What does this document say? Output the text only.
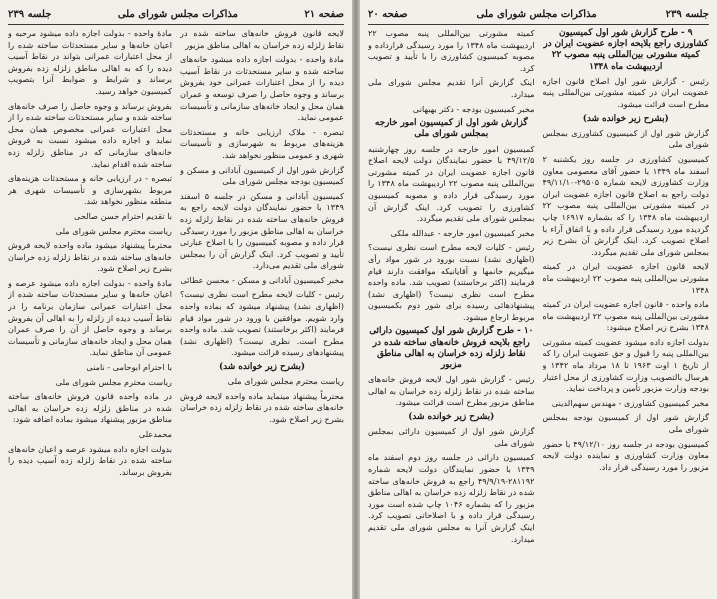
صفحه ۲۱
مذاکرات مجلس شورای ملی
جلسه ۲۳۹

لایحه قانون فروش خانه‌های ساخته شده در نقاط زلزله زده خراسان به اهالی مناطق مزبور

مادهٔ واحده - بدولت اجازه داده میشود خانه‌های ساخته شده و سایر مستحدثات در نقاط آسیب دیده را از محل اعتبارات عمرانی خود بفروش برساند و وجوه حاصل را صرف توسعه و عمران همان محل و ایجاد خانه‌های سازمانی و تأسیسات عمومی نماید.

تبصره - ملاک ارزیابی خانه و مستحدثات هزینه‌های مربوط به شهرسازی و تأسیسات شهری و عمومی منظور نخواهد شد.

گزارش شور اول از کمیسیون آبادانی و مسکن و کمیسیون بودجه مجلس شورای ملی

کمیسیون آبادانی و مسکن در جلسه ۵ اسفند ۱۳۴۹ با حضور نمایندگان دولت لایحه راجع به فروش خانه‌های ساخته شده در نقاط زلزله زده خراسان به اهالی مناطق مزبور را مورد رسیدگی قرار داده و مصوبه کمیسیون را با اصلاح عبارتی تأیید و تصویب کرد. اینک گزارش آن را بمجلس شورای ملی تقدیم می‌دارد.

مخبر کمیسیون آبادانی و مسکن - محسن عطائی

رئیس - کلیات لایحه مطرح است نظری نیست؟ (اظهاری نشد) پیشنهاد میشود که بماده واحده وارد شویم. موافقین با ورود در شور مواد قیام فرمایند (اکثر برخاستند) تصویب شد. ماده واحده مطرح است. نظری نیست؟ (اظهاری نشد) پیشنهادهای رسیده قرائت میشود.

(بشرح زیر خوانده شد)

ریاست محترم مجلس شورای ملی

محترماً پیشنهاد مینماید ماده واحده لایحه فروش خانه‌های ساخته شده در نقاط زلزله زده خراسان بشرح زیر اصلاح شود.

مادهٔ واحده - بدولت اجازه داده میشود مرحبه و اعیان خانه‌ها و سایر مستحدثات ساخته شده را از محل اعتبارات عمرانی بتواند در نقاط آسیب دیده را که به اهالی مناطق زلزله زده بفروش برساند و شرایط و ضوابط آنرا بتصویب کمیسیون خواهد رسید.

بفروش برساند و وجوه حاصل را صرف خانه‌های ساخته شده و سایر مستحدثات ساخته شده را از محل اعتبارات عمرانی مخصوص همان محل نماید و اجازه داده میشود نسبت به فروش خانه‌های سازمانی که در مناطق زلزله زده ساخته شده اقدام نماید.

تبصره - در ارزیابی خانه و مستحدثات هزینه‌های مربوط بشهرسازی و تأسیسات شهری هر منطقه منظور نخواهد شد.

با تقدیم احترام حسن صالحی

ریاست محترم مجلس شورای ملی

محترماً پیشنهاد میشود ماده واحده لایحه فروش خانه‌های ساخته شده در نقاط زلزله زده خراسان بشرح زیر اصلاح شود.

مادهٔ واحده - بدولت اجازه داده میشود عرصه و اعیان خانه‌ها و سایر مستحدثات ساخته شده از محل اعتبارات عمرانی سازمان برنامه را در نقاط آسیب دیده از زلزله را به اهالی آن بفروش برساند و وجوه حاصل از آن را صرف عمران همان محل و ایجاد خانه‌های سازمانی و تأسیسات عمومی آن مناطق نماید.

با احترام ابوحامی - نامنی

ریاست محترم مجلس شورای ملی

در ماده واحده قانون فروش خانه‌های ساخته شده در مناطق زلزله زده خراسان به اهالی مناطق مزبور پیشنهاد میشود بماده اضافه شود:

محمدعلی

بدولت اجازه داده میشود عرصه و اعیان خانه‌های ساخته شده در نقاط زلزله زده آسیب دیده را بفروش برساند.

جلسه ۲۳۹
مذاکرات مجلس شورای ملی
صفحه ۲۰

۹ - طرح گزارش شور اول کمیسیون کشاورزی راجع بلایحه اجازه عضویت ایران در کمیته مشورتی بین‌المللی پنبه مصوب ۲۲ اردیبهشت ماه ۱۳۴۸

رئیس - گزارش شور اول اصلاح قانون اجازه عضویت ایران در کمیته مشورتی بین‌المللی پنبه مطرح است قرائت میشود.

(بشرح زیر خوانده شد)

گزارش شور اول از کمیسیون کشاورزی بمجلس شورای ملی

کمیسیون کشاورزی در جلسه روز یکشنبه ۲ اسفند ماه ۱۳۴۹ با حضور آقای معصومی معاون وزارت کشاورزی لایحه شماره ۲۹۵۰۵-۴۹/۱۱/۱۰ دولت راجع به اصلاح قانون اجازه عضویت ایران در کمیته مشورتی بین‌المللی پنبه مصوب ۲۲ اردیبهشت ماه ۱۳۴۸ را که بشماره ۱۶۹۱۷ چاپ گردیده مورد رسیدگی قرار داده و با اتفاق آراء با اصلاح تصویب کرد. اینک گزارش آن بشرح زیر بمجلس شورای ملی تقدیم میگردد.

لایحه قانون اجازه عضویت ایران در کمیته مشورتی بین‌المللی پنبه مصوب ۲۲ اردیبهشت ماه ۱۳۴۸

ماده واحده - قانون اجازه عضویت ایران در کمیته مشورتی بین‌المللی پنبه مصوب ۲۲ اردیبهشت ماه ۱۳۴۸ بشرح زیر اصلاح میشود:

بدولت اجازه داده میشود عضویت کمیته مشورتی بین‌المللی پنبه را قبول و حق عضویت ایران را که از تاریخ ۱ اوت ۱۹۶۳ تا ۱۸ مرداد ماه ۱۳۴۲ و هرسال بالتصویب وزارت کشاورزی از محل اعتبار بودجه وزارت مزبور تأمین و پرداخت نماید.

مخبر کمیسیون کشاورزی - مهندس سهم‌الدینی

گزارش شور اول از کمیسیون بودجه بمجلس شورای ملی

کمیسیون بودجه در جلسه روز ۴۹/۱۲/۱۰ با حضور معاون وزارت کشاورزی و نماینده دولت لایحه مزبور را مورد رسیدگی قرار داد.

کمیته مشورتی بین‌المللی پنبه مصوب ۲۲ اردیبهشت ماه ۱۳۴۸ را مورد رسیدگی قرارداده و مصوبه کمیسیون کشاورزی را با تأیید و تصویب کرد.

اینک گزارش آنرا تقدیم مجلس شورای ملی میدارد.

مخبر کمیسیون بودجه - دکتر بهبهانی

گزارش شور اول از کمیسیون امور خارجه بمجلس شورای ملی

کمیسیون امور خارجه در جلسه روز چهارشنبه ۴۹/۱۲/۵ با حضور نمایندگان دولت لایحه اصلاح قانون اجازه عضویت ایران در کمیته مشورتی بین‌المللی پنبه مصوب ۲۲ اردیبهشت ماه ۱۳۴۸ را مورد رسیدگی قرار داده و مصوبه کمیسیون کشاورزی را تصویب کرد. اینک گزارش آن بمجلس شورای ملی تقدیم میگردد.

مخبر کمیسیون امور خارجه - عبدالله ملکی

رئیس - کلیات لایحه مطرح است نظری نیست؟ (اظهاری نشد) نسبت بورود در شور مواد رأی میگیریم خانمها و آقایانیکه موافقت دارند قیام فرمایند (اکثر برخاستند) تصویب شد. ماده واحده مطرح است نظری نیست؟ (اظهاری نشد) پیشنهادهائی رسیده برای شور دوم بکمیسیون مربوط ارجاع میشود.

۱۰ - طرح گزارش شور اول کمیسیون دارائی راجع بلایحه فروش خانه‌های ساخته شده در نقاط زلزله زده خراسان به اهالی مناطق مزبور

رئیس - گزارش شور اول لایحه فروش خانه‌های ساخته شده در نقاط زلزله زده خراسان به اهالی مناطق مزبور مطرح است قرائت میشود.

(بشرح زیر خوانده شد)

گزارش شور اول از کمیسیون دارائی بمجلس شورای ملی

کمیسیون دارائی در جلسه روز دوم اسفند ماه ۱۳۴۹ با حضور نمایندگان دولت لایحه شماره ۲۸۱۱۹۲-۴۹/۹/۱۹ راجع به فروش خانه‌های ساخته شده در نقاط زلزله زده خراسان به اهالی مناطق مزبور را که بشماره ۱۰۴۶ چاپ شده است مورد رسیدگی قرار داده و با اصلاحاتی تصویب کرد. اینک گزارش آنرا به مجلس شورای ملی تقدیم میدارد.
